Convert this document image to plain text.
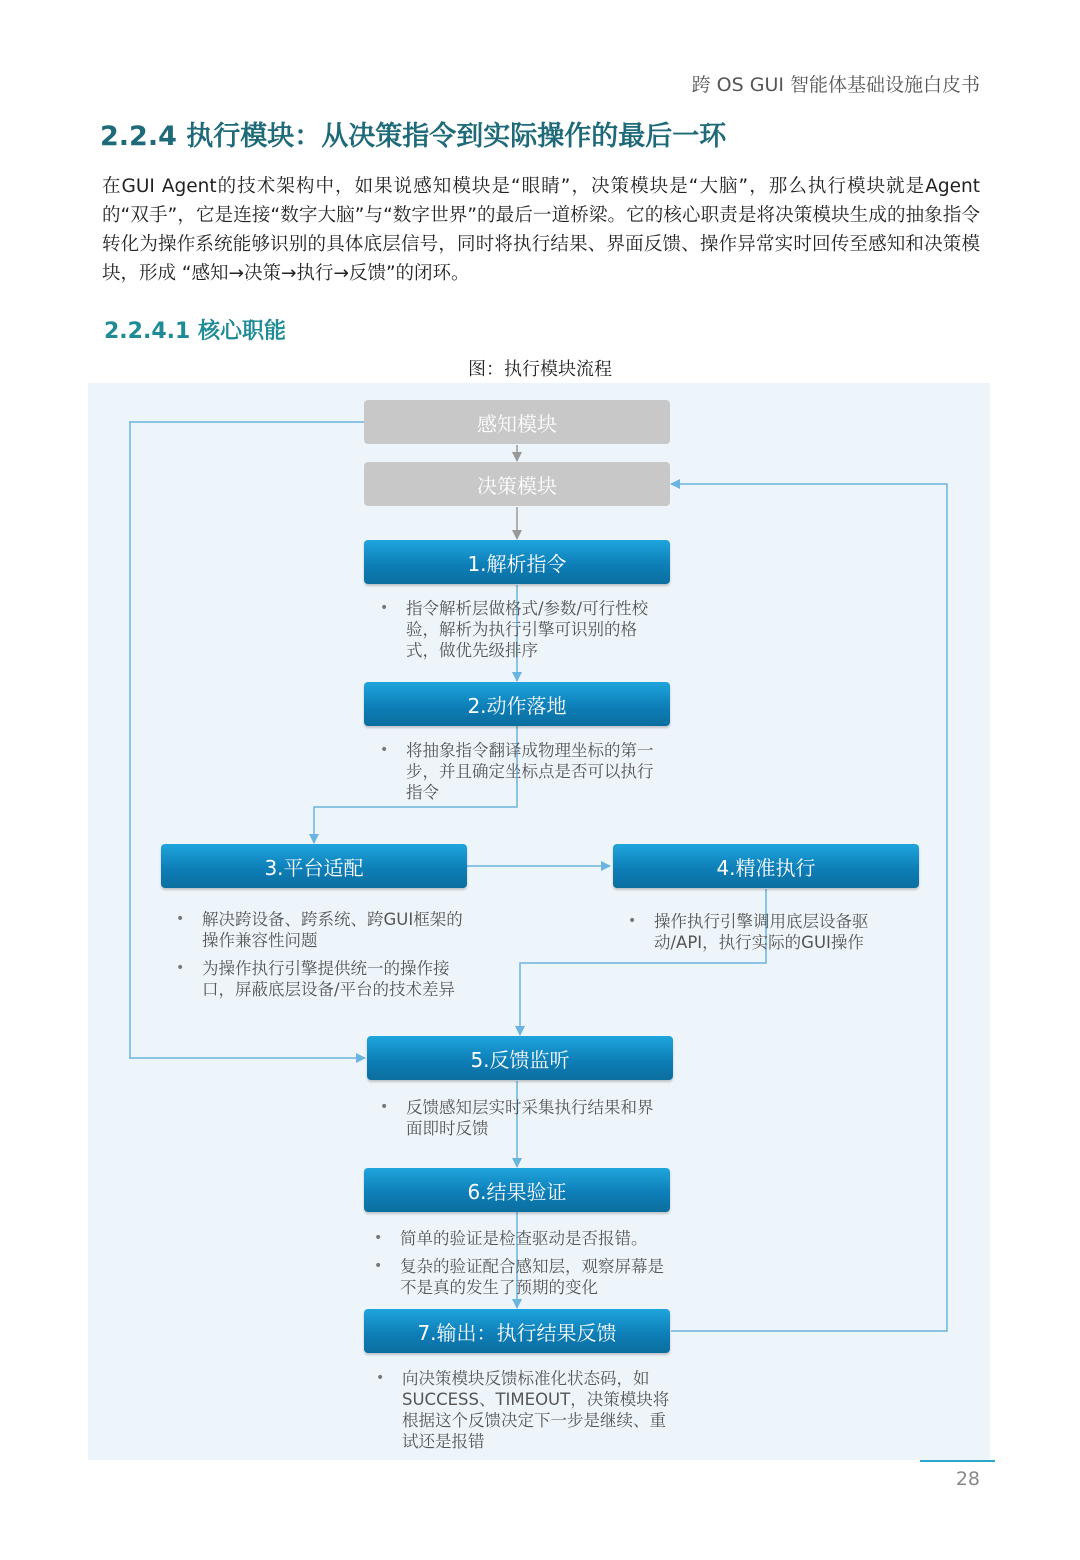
跨 OS GUI 智能体基础设施白皮书
2.2.4 执行模块：从决策指令到实际操作的最后一环
在GUI Agent的技术架构中，如果说感知模块是“眼睛”，决策模块是“大脑”，那么执行模块就是Agent的“双手”，它是连接“数字大脑”与“数字世界”的最后一道桥梁。它的核心职责是将决策模块生成的抽象指令转化为操作系统能够识别的具体底层信号，同时将执行结果、界面反馈、操作异常实时回传至感知和决策模块，形成 “感知→决策→执行→反馈”的闭环。
2.2.4.1 核心职能
图：执行模块流程
感知模块
决策模块
1.解析指令
• 指令解析层做格式/参数/可行性校验，解析为执行引擎可识别的格式，做优先级排序
2.动作落地
• 将抽象指令翻译成物理坐标的第一步，并且确定坐标点是否可以执行指令
3.平台适配
• 解决跨设备、跨系统、跨GUI框架的操作兼容性问题
• 为操作执行引擎提供统一的操作接口，屏蔽底层设备/平台的技术差异
4.精准执行
• 操作执行引擎调用底层设备驱动/API，执行实际的GUI操作
5.反馈监听
• 反馈感知层实时采集执行结果和界面即时反馈
6.结果验证
• 简单的验证是检查驱动是否报错。
• 复杂的验证配合感知层，观察屏幕是不是真的发生了预期的变化
7.输出：执行结果反馈
• 向决策模块反馈标准化状态码，如SUCCESS、TIMEOUT，决策模块将根据这个反馈决定下一步是继续、重试还是报错
28
